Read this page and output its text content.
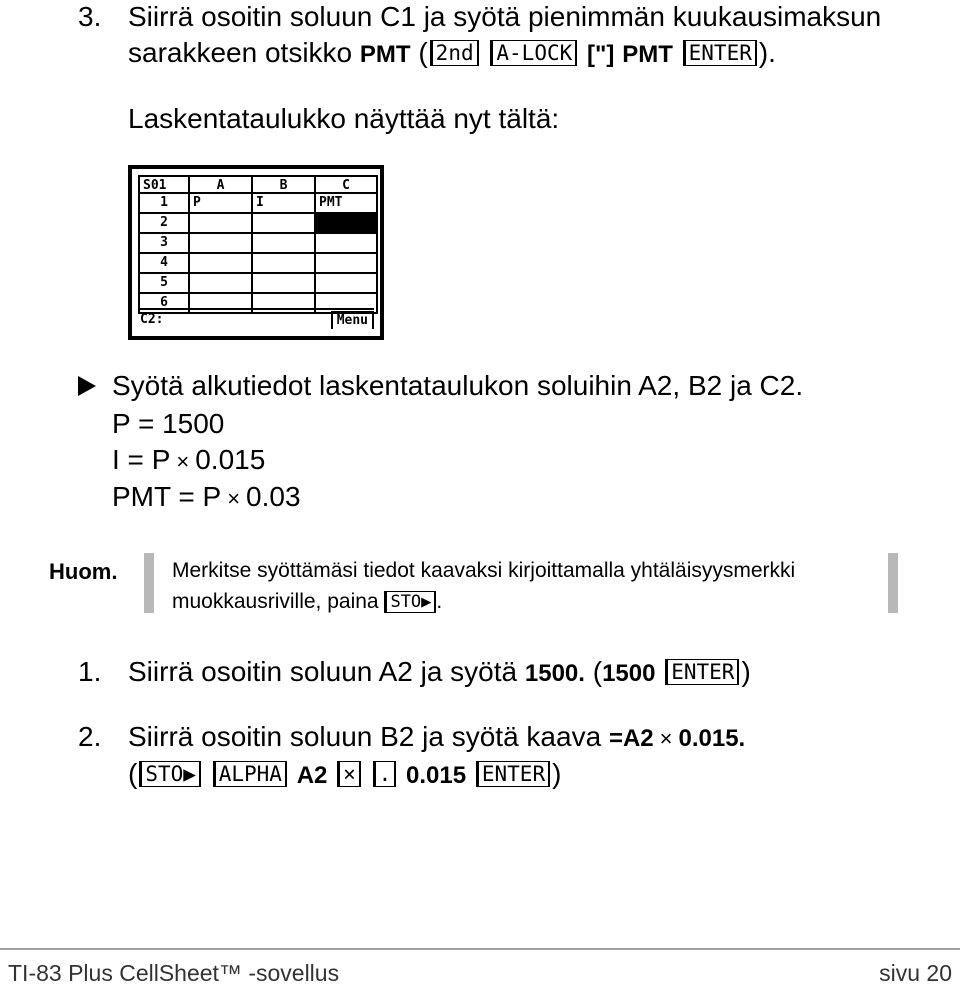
3. Siirrä osoitin soluun C1 ja syötä pienimmän kuukausimaksun
sarakkeen otsikko PMT ( 2nd A-LOCK ["] PMT ENTER ).
Laskentataulukko näyttää nyt tältä:
S01	A	B	C
1	P	I	PMT
2
3
4
5
6
C2:	Menu
Syötä alkutiedot laskentataulukon soluihin A2, B2 ja C2.
P = 1500
I = P × 0.015
PMT = P × 0.03
Huom.	Merkitse syöttämäsi tiedot kaavaksi kirjoittamalla yhtäläisyysmerkki
muokkausriville, paina STO▶ .
1. Siirrä osoitin soluun A2 ja syötä 1500. (1500 ENTER )
2. Siirrä osoitin soluun B2 ja syötä kaava =A2 × 0.015.
( STO▶ ALPHA A2 × . 0.015 ENTER )
TI-83 Plus CellSheet™ -sovellus	sivu 20
